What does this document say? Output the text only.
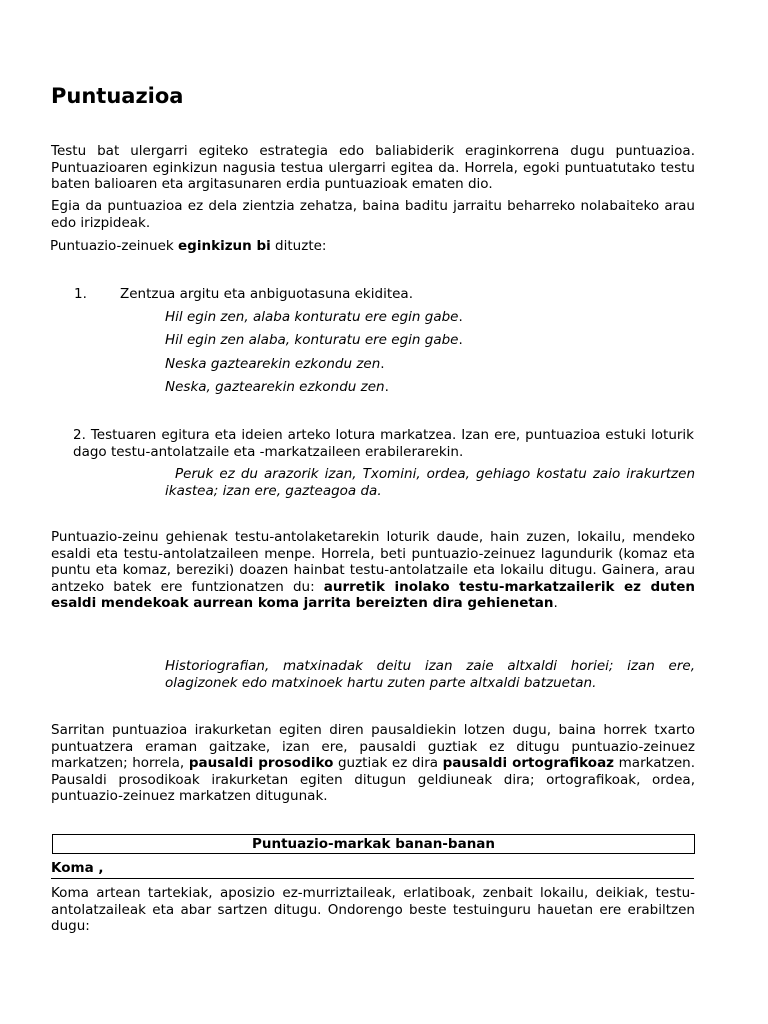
Puntuazioa

Testu bat ulergarri egiteko estrategia edo baliabiderik eraginkorrena dugu puntuazioa. Puntuazioaren eginkizun nagusia testua ulergarri egitea da. Horrela, egoki puntuatutako testu baten balioaren eta argitasunaren erdia puntuazioak ematen dio.

Egia da puntuazioa ez dela zientzia zehatza, baina baditu jarraitu beharreko nolabaiteko arau edo irizpideak.

Puntuazio-zeinuek eginkizun bi dituzte:

1. Zentzua argitu eta anbiguotasuna ekiditea.

Hil egin zen, alaba konturatu ere egin gabe.

Hil egin zen alaba, konturatu ere egin gabe.

Neska gaztearekin ezkondu zen.

Neska, gaztearekin ezkondu zen.

2. Testuaren egitura eta ideien arteko lotura markatzea. Izan ere, puntuazioa estuki loturik dago testu-antolatzaile eta -markatzaileen erabilerarekin.

Peruk ez du arazorik izan, Txomini, ordea, gehiago kostatu zaio irakurtzen ikastea; izan ere, gazteagoa da.

Puntuazio-zeinu gehienak testu-antolaketarekin loturik daude, hain zuzen, lokailu, mendeko esaldi eta testu-antolatzaileen menpe. Horrela, beti puntuazio-zeinuez lagundurik (komaz eta puntu eta komaz, bereziki) doazen hainbat testu-antolatzaile eta lokailu ditugu. Gainera, arau antzeko batek ere funtzionatzen du: aurretik inolako testu-markatzailerik ez duten esaldi mendekoak aurrean koma jarrita bereizten dira gehienetan.

Historiografian, matxinadak deitu izan zaie altxaldi horiei; izan ere, olagizonek edo matxinoek hartu zuten parte altxaldi batzuetan.

Sarritan puntuazioa irakurketan egiten diren pausaldiekin lotzen dugu, baina horrek txarto puntuatzera eraman gaitzake, izan ere, pausaldi guztiak ez ditugu puntuazio-zeinuez markatzen; horrela, pausaldi prosodiko guztiak ez dira pausaldi ortografikoaz markatzen. Pausaldi prosodikoak irakurketan egiten ditugun geldiuneak dira; ortografikoak, ordea, puntuazio-zeinuez markatzen ditugunak.

Puntuazio-markak banan-banan
Koma ,

Koma artean tartekiak, aposizio ez-murriztaileak, erlatiboak, zenbait lokailu, deikiak, testu-antolatzaileak eta abar sartzen ditugu. Ondorengo beste testuinguru hauetan ere erabiltzen dugu:
